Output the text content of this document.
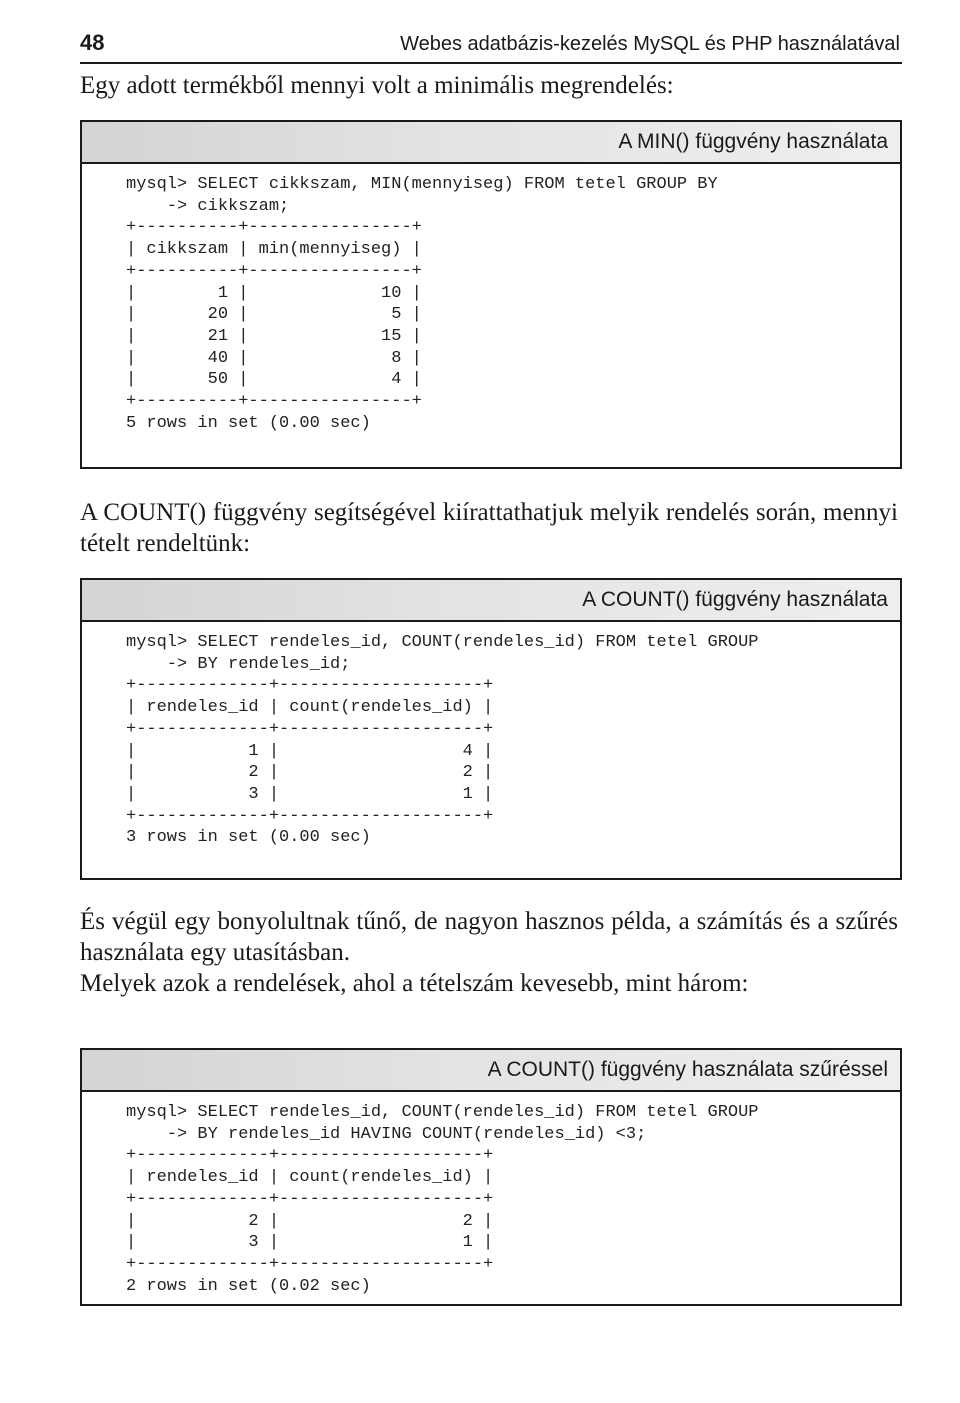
48	Webes adatbázis-kezelés MySQL és PHP használatával

Egy adott termékből mennyi volt a minimális megrendelés:

A MIN() függvény használata
mysql> SELECT cikkszam, MIN(mennyiseg) FROM tetel GROUP BY
-> cikkszam;
+----------+----------------+
| cikkszam | min(mennyiseg) |
+----------+----------------+
|        1 |             10 |
|       20 |              5 |
|       21 |             15 |
|       40 |              8 |
|       50 |              4 |
+----------+----------------+
5 rows in set (0.00 sec)

A COUNT() függvény segítségével kiírattathatjuk melyik rendelés során, mennyi tételt rendeltünk:

A COUNT() függvény használata
mysql> SELECT rendeles_id, COUNT(rendeles_id) FROM tetel GROUP
-> BY rendeles_id;
+-------------+--------------------+
| rendeles_id | count(rendeles_id) |
+-------------+--------------------+
|           1 |                  4 |
|           2 |                  2 |
|           3 |                  1 |
+-------------+--------------------+
3 rows in set (0.00 sec)

És végül egy bonyolultnak tűnő, de nagyon hasznos példa, a számítás és a szűrés használata egy utasításban.

Melyek azok a rendelések, ahol a tételszám kevesebb, mint három:

A COUNT() függvény használata szűréssel
mysql> SELECT rendeles_id, COUNT(rendeles_id) FROM tetel GROUP
-> BY rendeles_id HAVING COUNT(rendeles_id) <3;
+-------------+--------------------+
| rendeles_id | count(rendeles_id) |
+-------------+--------------------+
|           2 |                  2 |
|           3 |                  1 |
+-------------+--------------------+
2 rows in set (0.02 sec)
